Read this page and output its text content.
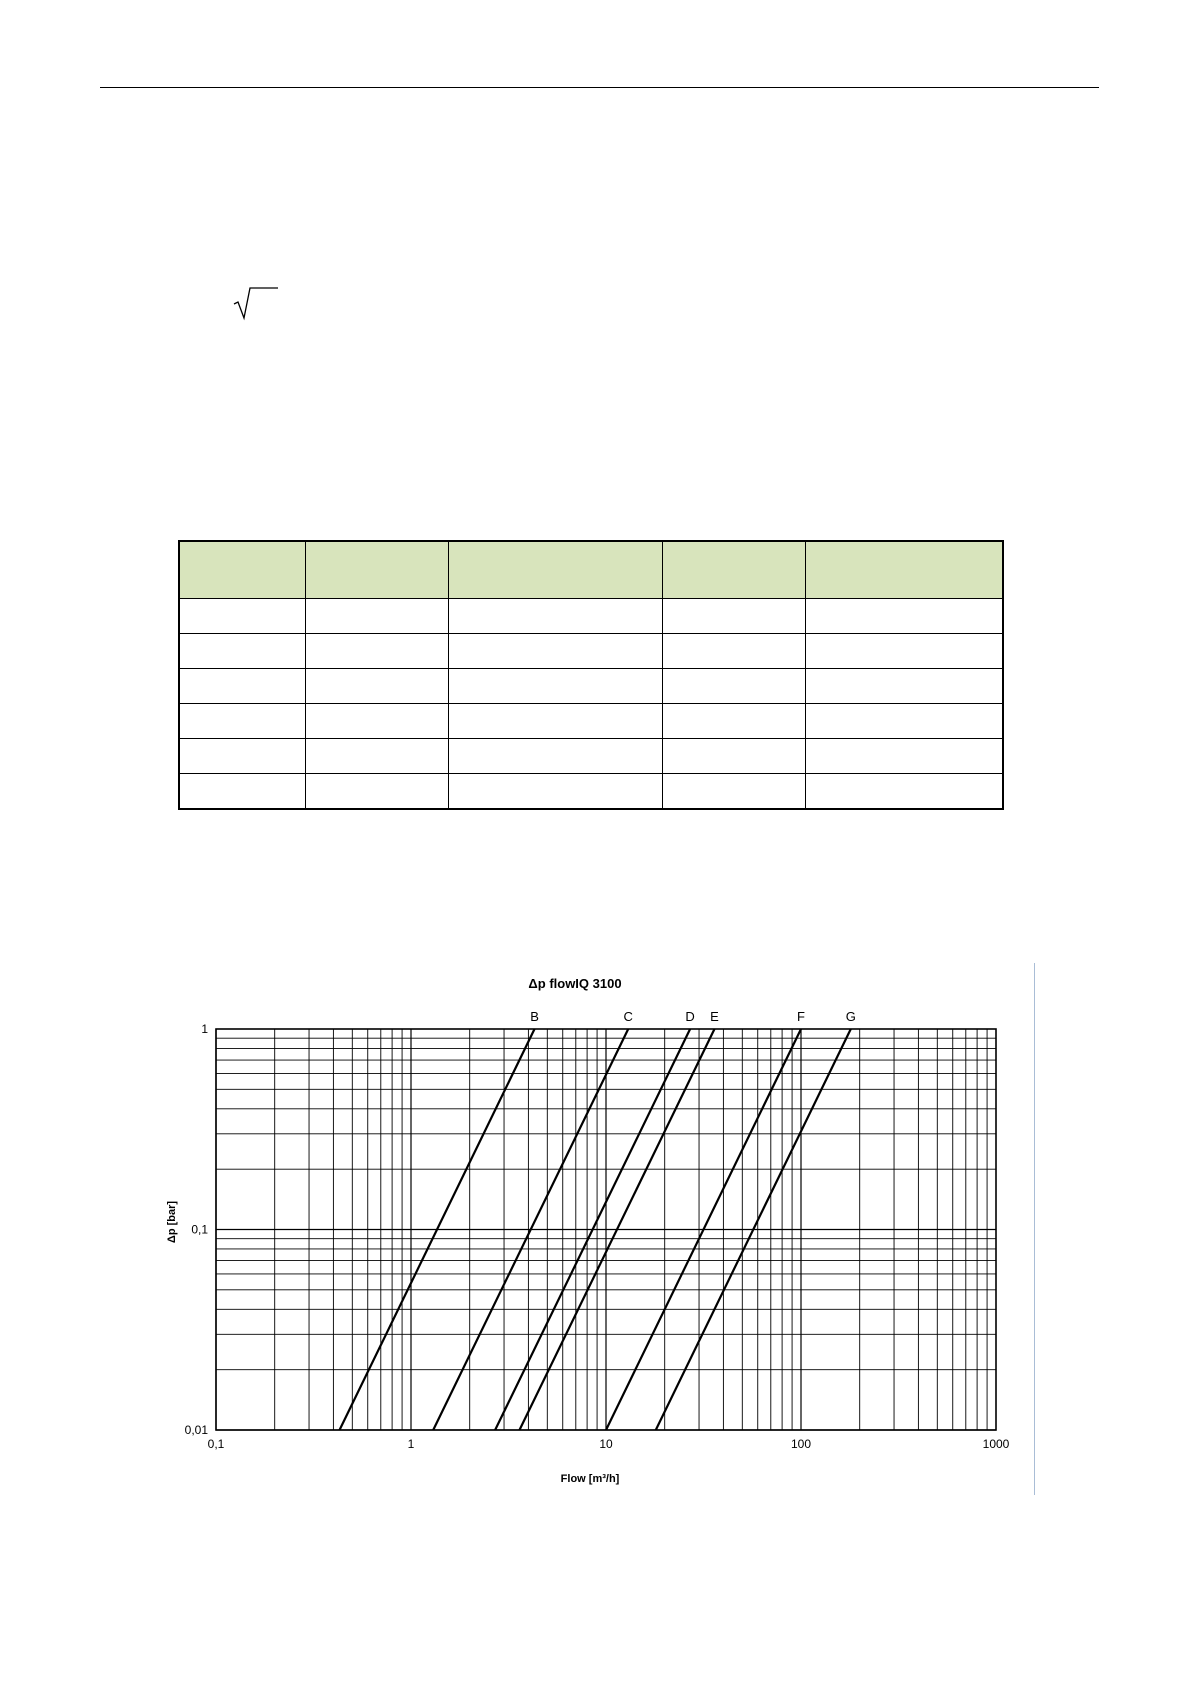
Δp flowIQ 3100
Flow [m³/h]
Δp [bar]
0,1	1	10	100	1000
0,01
0,1
1
B	C	D E	F	G
